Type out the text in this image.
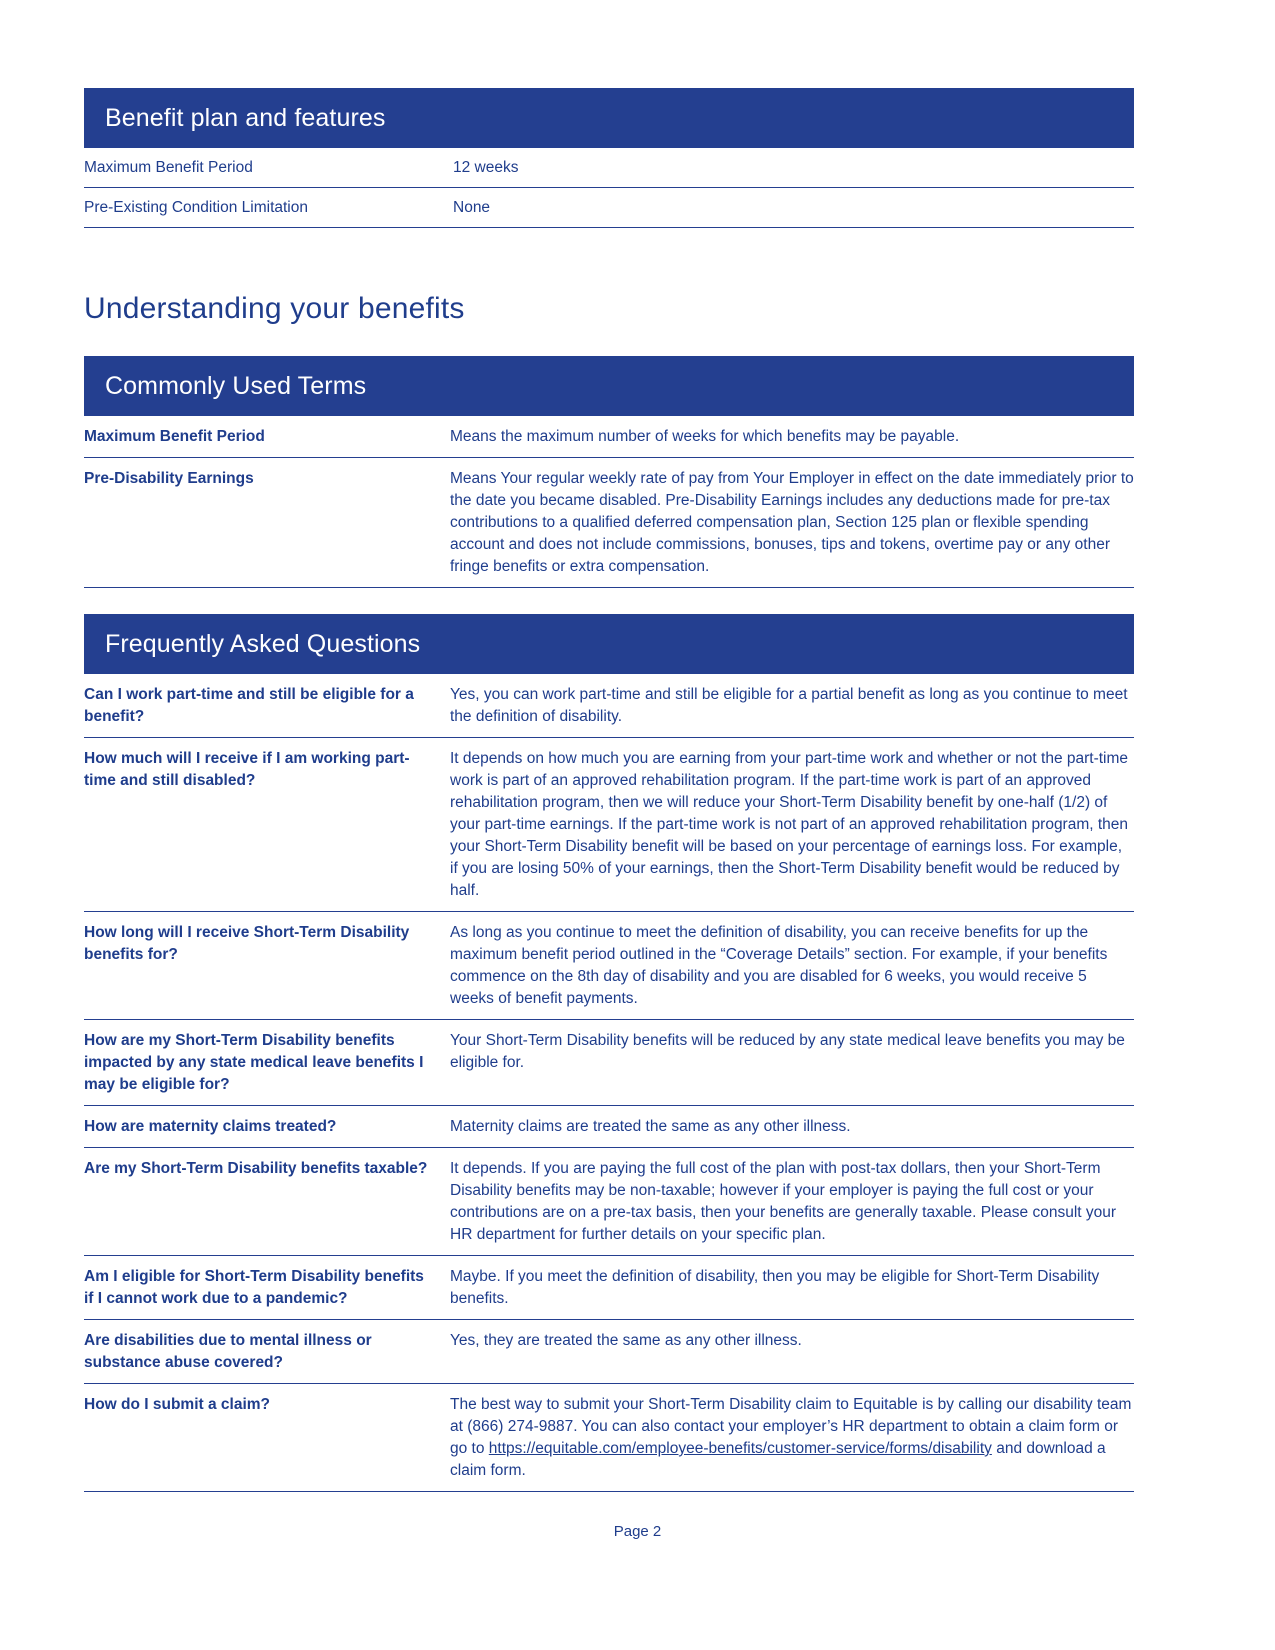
Benefit plan and features
Maximum Benefit Period	12 weeks
Pre-Existing Condition Limitation	None
Understanding your benefits
Commonly Used Terms
Maximum Benefit Period	Means the maximum number of weeks for which benefits may be payable.
Pre-Disability Earnings	Means Your regular weekly rate of pay from Your Employer in effect on the date immediately prior to the date you became disabled. Pre-Disability Earnings includes any deductions made for pre-tax contributions to a qualified deferred compensation plan, Section 125 plan or flexible spending account and does not include commissions, bonuses, tips and tokens, overtime pay or any other fringe benefits or extra compensation.
Frequently Asked Questions
Can I work part-time and still be eligible for a benefit?	Yes, you can work part-time and still be eligible for a partial benefit as long as you continue to meet the definition of disability.
How much will I receive if I am working part-time and still disabled?	It depends on how much you are earning from your part-time work and whether or not the part-time work is part of an approved rehabilitation program. If the part-time work is part of an approved rehabilitation program, then we will reduce your Short-Term Disability benefit by one-half (1/2) of your part-time earnings. If the part-time work is not part of an approved rehabilitation program, then your Short-Term Disability benefit will be based on your percentage of earnings loss. For example, if you are losing 50% of your earnings, then the Short-Term Disability benefit would be reduced by half.
How long will I receive Short-Term Disability benefits for?	As long as you continue to meet the definition of disability, you can receive benefits for up the maximum benefit period outlined in the “Coverage Details” section. For example, if your benefits commence on the 8th day of disability and you are disabled for 6 weeks, you would receive 5 weeks of benefit payments.
How are my Short-Term Disability benefits impacted by any state medical leave benefits I may be eligible for?	Your Short-Term Disability benefits will be reduced by any state medical leave benefits you may be eligible for.
How are maternity claims treated?	Maternity claims are treated the same as any other illness.
Are my Short-Term Disability benefits taxable?	It depends. If you are paying the full cost of the plan with post-tax dollars, then your Short-Term Disability benefits may be non-taxable; however if your employer is paying the full cost or your contributions are on a pre-tax basis, then your benefits are generally taxable. Please consult your HR department for further details on your specific plan.
Am I eligible for Short-Term Disability benefits if I cannot work due to a pandemic?	Maybe. If you meet the definition of disability, then you may be eligible for Short-Term Disability benefits.
Are disabilities due to mental illness or substance abuse covered?	Yes, they are treated the same as any other illness.
How do I submit a claim?	The best way to submit your Short-Term Disability claim to Equitable is by calling our disability team at (866) 274-9887. You can also contact your employer’s HR department to obtain a claim form or go to https://equitable.com/employee-benefits/customer-service/forms/disability and download a claim form.
Page 2
